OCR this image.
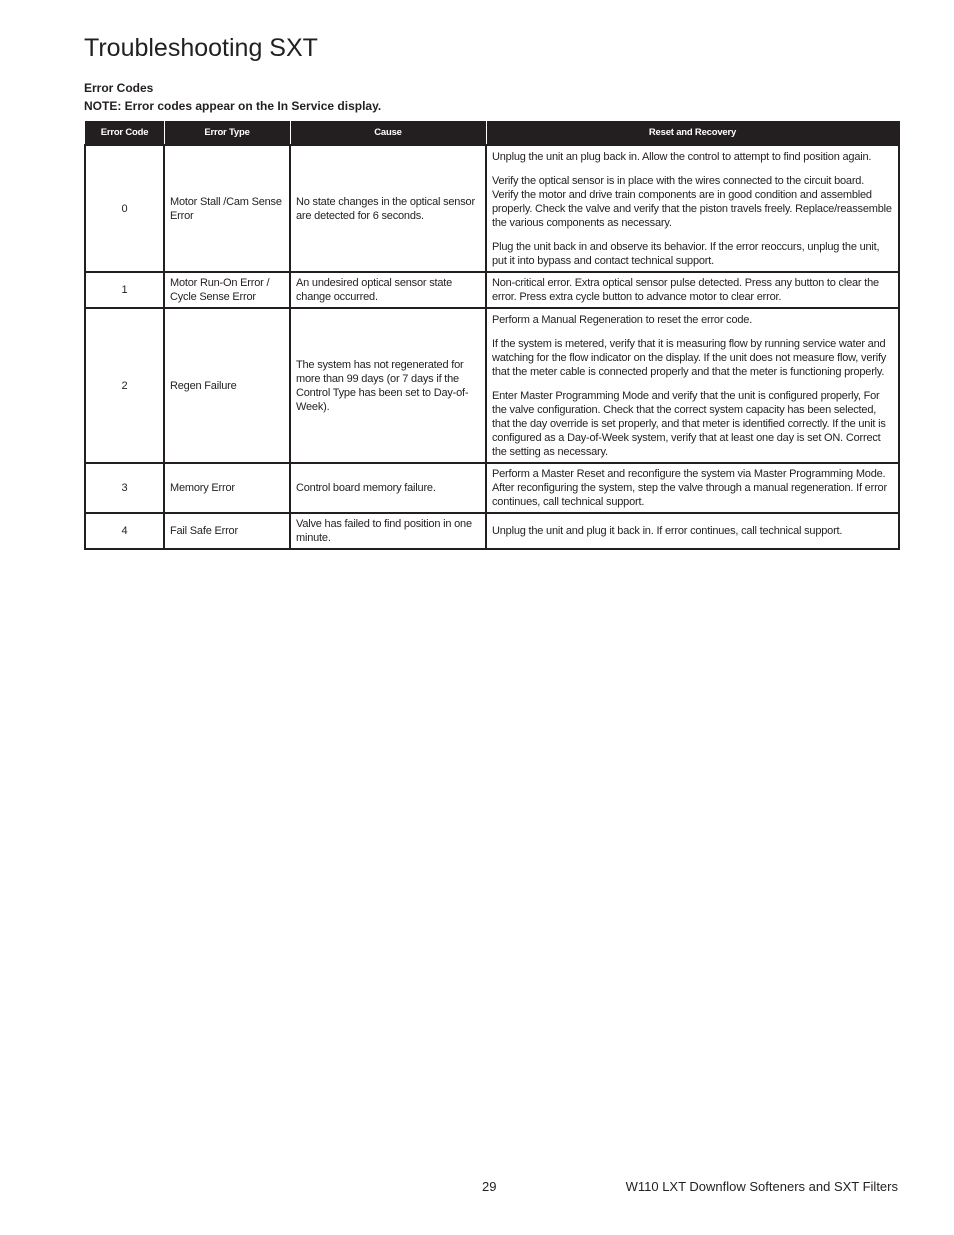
Troubleshooting SXT
Error Codes

NOTE: Error codes appear on the In Service display.

Error Code	Error Type	Cause	Reset and Recovery
0	Motor Stall /Cam Sense Error	No state changes in the optical sensor are detected for 6 seconds.	Unplug the unit an plug back in. Allow the control to attempt to find position again.

Verify the optical sensor is in place with the wires connected to the circuit board. Verify the motor and drive train components are in good condition and assembled properly. Check the valve and verify that the piston travels freely. Replace/reassemble the various components as necessary.

Plug the unit back in and observe its behavior. If the error reoccurs, unplug the unit, put it into bypass and contact technical support.

1	Motor Run-On Error / Cycle Sense Error	An undesired optical sensor state change occurred.	Non-critical error. Extra optical sensor pulse detected. Press any button to clear the error. Press extra cycle button to advance motor to clear error.

2	Regen Failure	The system has not regenerated for more than 99 days (or 7 days if the Control Type has been set to Day-of-Week).	Perform a Manual Regeneration to reset the error code.

If the system is metered, verify that it is measuring flow by running service water and watching for the flow indicator on the display. If the unit does not measure flow, verify that the meter cable is connected properly and that the meter is functioning properly.

Enter Master Programming Mode and verify that the unit is configured properly, For the valve configuration. Check that the correct system capacity has been selected, that the day override is set properly, and that meter is identified correctly. If the unit is configured as a Day-of-Week system, verify that at least one day is set ON. Correct the setting as necessary.

3	Memory Error	Control board memory failure.	Perform a Master Reset and reconfigure the system via Master Programming Mode. After reconfiguring the system, step the valve through a manual regeneration. If error continues, call technical support.

4	Fail Safe Error	Valve has failed to find position in one minute.	Unplug the unit and plug it back in. If error continues, call technical support.

29	W110 LXT Downflow Softeners and SXT Filters
